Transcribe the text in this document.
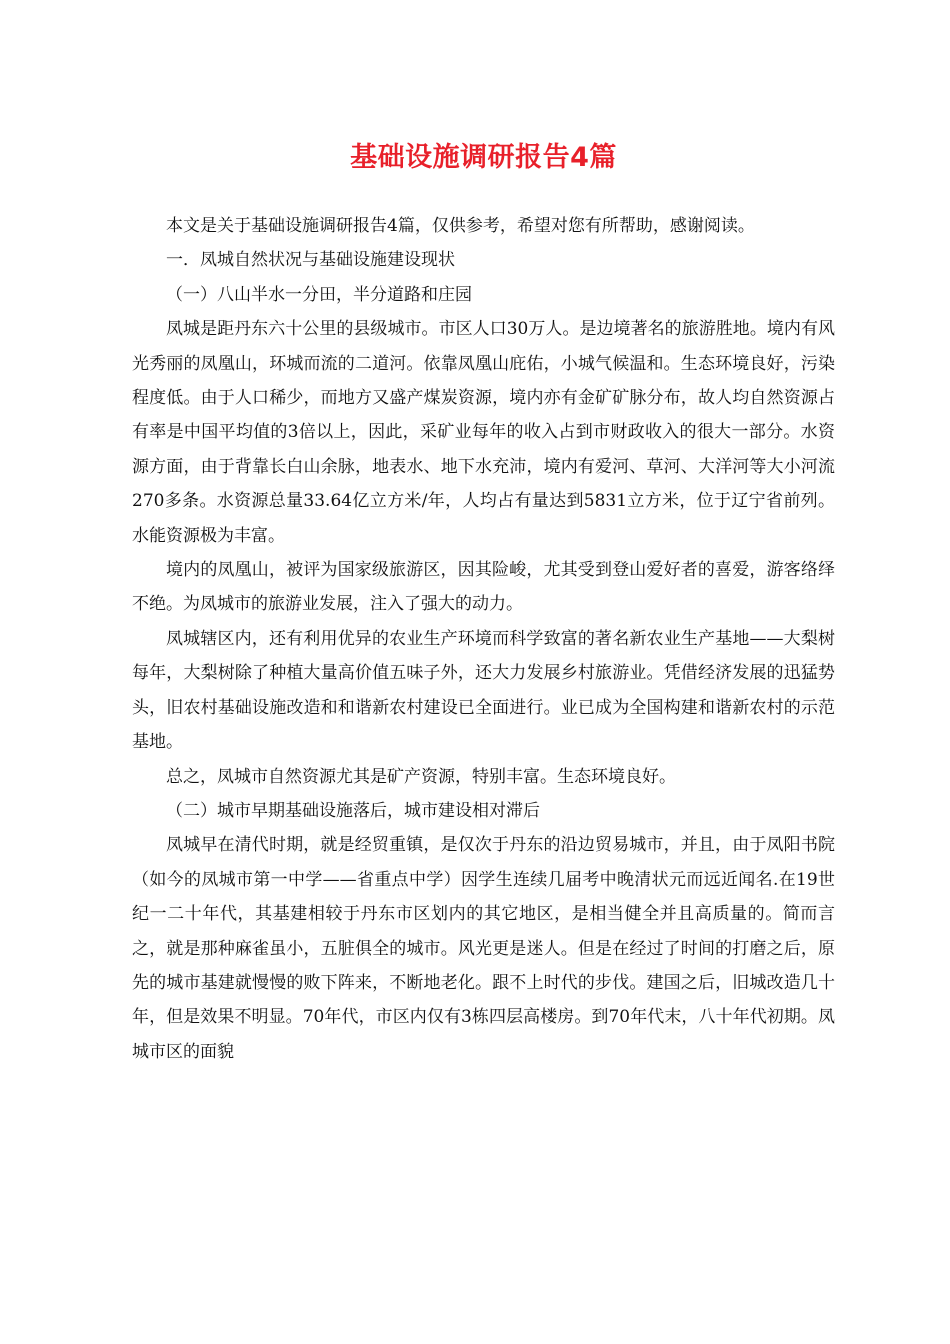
基础设施调研报告4篇

本文是关于基础设施调研报告4篇，仅供参考，希望对您有所帮助，感谢阅读。

一．凤城自然状况与基础设施建设现状

（一）八山半水一分田，半分道路和庄园

凤城是距丹东六十公里的县级城市。市区人口30万人。是边境著名的旅游胜地。境内有风光秀丽的凤凰山，环城而流的二道河。依靠凤凰山庇佑，小城气候温和。生态环境良好，污染程度低。由于人口稀少，而地方又盛产煤炭资源，境内亦有金矿矿脉分布，故人均自然资源占有率是中国平均值的3倍以上，因此，采矿业每年的收入占到市财政收入的很大一部分。水资源方面，由于背靠长白山余脉，地表水、地下水充沛，境内有爱河、草河、大洋河等大小河流270多条。水资源总量33.64亿立方米/年，人均占有量达到5831立方米，位于辽宁省前列。水能资源极为丰富。

境内的凤凰山，被评为国家级旅游区，因其险峻，尤其受到登山爱好者的喜爱，游客络绎不绝。为凤城市的旅游业发展，注入了强大的动力。

凤城辖区内，还有利用优异的农业生产环境而科学致富的著名新农业生产基地——大梨树每年，大梨树除了种植大量高价值五味子外，还大力发展乡村旅游业。凭借经济发展的迅猛势头，旧农村基础设施改造和和谐新农村建设已全面进行。业已成为全国构建和谐新农村的示范基地。

总之，凤城市自然资源尤其是矿产资源，特别丰富。生态环境良好。

（二）城市早期基础设施落后，城市建设相对滞后

凤城早在清代时期，就是经贸重镇，是仅次于丹东的沿边贸易城市，并且，由于凤阳书院（如今的凤城市第一中学——省重点中学）因学生连续几届考中晚清状元而远近闻名.在19世纪一二十年代，其基建相较于丹东市区划内的其它地区，是相当健全并且高质量的。简而言之，就是那种麻雀虽小，五脏俱全的城市。风光更是迷人。但是在经过了时间的打磨之后，原先的城市基建就慢慢的败下阵来，不断地老化。跟不上时代的步伐。建国之后，旧城改造几十年，但是效果不明显。70年代，市区内仅有3栋四层高楼房。到70年代末，八十年代初期。凤城市区的面貌
